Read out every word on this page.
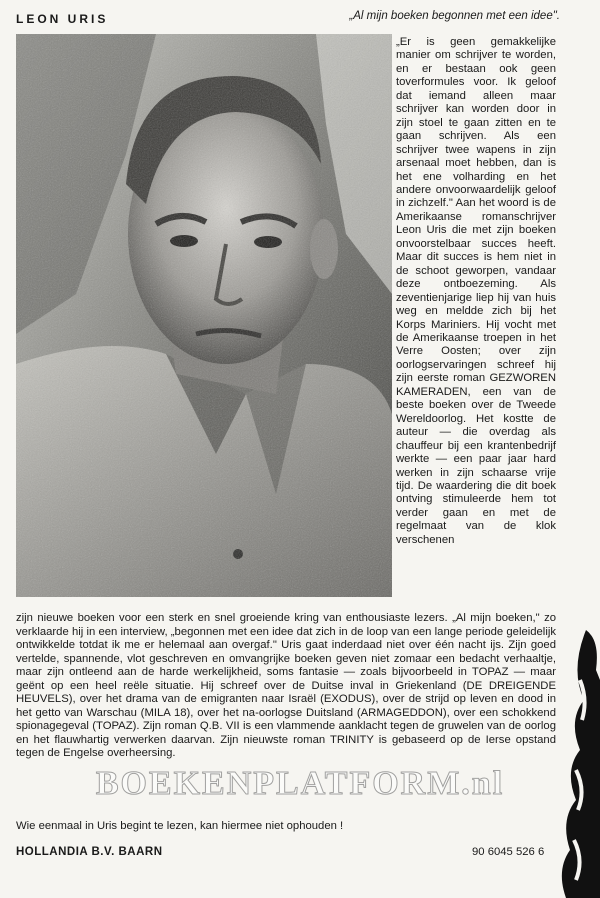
LEON URIS	„Al mijn boeken begonnen met een idee".

„Er is geen gemakkelijke manier om schrijver te worden, en er bestaan ook geen toverformules voor. Ik geloof dat iemand alleen maar schrijver kan worden door in zijn stoel te gaan zitten en te gaan schrijven. Als een schrijver twee wapens in zijn arsenaal moet hebben, dan is het ene volharding en het andere onvoorwaardelijk geloof in zichzelf." Aan het woord is de Amerikaanse romanschrijver Leon Uris die met zijn boeken onvoorstelbaar succes heeft. Maar dit succes is hem niet in de schoot geworpen, vandaar deze ontboezeming. Als zeventienjarige liep hij van huis weg en meldde zich bij het Korps Mariniers. Hij vocht met de Amerikaanse troepen in het Verre Oosten; over zijn oorlogservaringen schreef hij zijn eerste roman GEZWOREN KAMERADEN, een van de beste boeken over de Tweede Wereldoorlog. Het kostte de auteur — die overdag als chauffeur bij een krantenbedrijf werkte — een paar jaar hard werken in zijn schaarse vrije tijd. De waardering die dit boek ontving stimuleerde hem tot verder gaan en met de regelmaat van de klok verschenen

zijn nieuwe boeken voor een sterk en snel groeiende kring van enthousiaste lezers. „Al mijn boeken," zo verklaarde hij in een interview, „begonnen met een idee dat zich in de loop van een lange periode geleidelijk ontwikkelde totdat ik me er helemaal aan overgaf." Uris gaat inderdaad niet over één nacht ijs. Zijn goed vertelde, spannende, vlot geschreven en omvangrijke boeken geven niet zomaar een bedacht verhaaltje, maar zijn ontleend aan de harde werkelijkheid, soms fantasie — zoals bijvoorbeeld in TOPAZ — maar geënt op een heel reële situatie. Hij schreef over de Duitse inval in Griekenland (DE DREIGENDE HEUVELS), over het drama van de emigranten naar Israël (EXODUS), over de strijd op leven en dood in het getto van Warschau (MILA 18), over het na-oorlogse Duitsland (ARMAGEDDON), over een schokkend spionagegeval (TOPAZ). Zijn roman Q.B. VII is een vlammende aanklacht tegen de gruwelen van de oorlog en het flauwhartig verwerken daarvan. Zijn nieuwste roman TRINITY is gebaseerd op de Ierse opstand tegen de Engelse overheersing.

Wie eenmaal in Uris begint te lezen, kan hiermee niet ophouden !

HOLLANDIA B.V. BAARN	90 6045 526 6
BOEKENPLATFORM.nl
